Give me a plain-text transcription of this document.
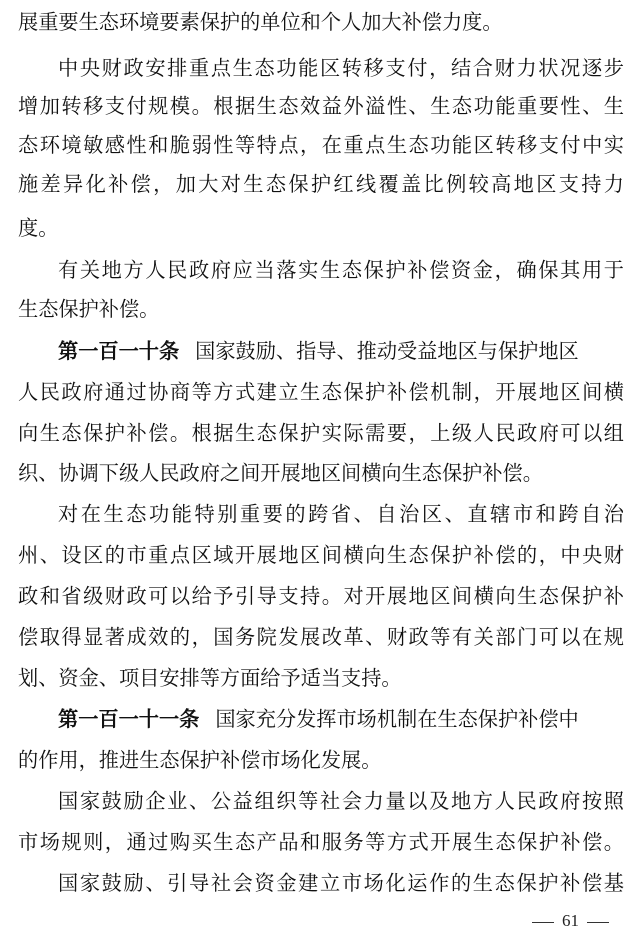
展重要生态环境要素保护的单位和个人加大补偿力度。
中央财政安排重点生态功能区转移支付，结合财力状况逐步
增加转移支付规模。根据生态效益外溢性、生态功能重要性、生
态环境敏感性和脆弱性等特点，在重点生态功能区转移支付中实
施差异化补偿，加大对生态保护红线覆盖比例较高地区支持力
度。
有关地方人民政府应当落实生态保护补偿资金，确保其用于
生态保护补偿。
第一百一十条 国家鼓励、指导、推动受益地区与保护地区
人民政府通过协商等方式建立生态保护补偿机制，开展地区间横
向生态保护补偿。根据生态保护实际需要，上级人民政府可以组
织、协调下级人民政府之间开展地区间横向生态保护补偿。
对在生态功能特别重要的跨省、自治区、直辖市和跨自治
州、设区的市重点区域开展地区间横向生态保护补偿的，中央财
政和省级财政可以给予引导支持。对开展地区间横向生态保护补
偿取得显著成效的，国务院发展改革、财政等有关部门可以在规
划、资金、项目安排等方面给予适当支持。
第一百一十一条 国家充分发挥市场机制在生态保护补偿中
的作用，推进生态保护补偿市场化发展。
国家鼓励企业、公益组织等社会力量以及地方人民政府按照
市场规则，通过购买生态产品和服务等方式开展生态保护补偿。
国家鼓励、引导社会资金建立市场化运作的生态保护补偿基
61
